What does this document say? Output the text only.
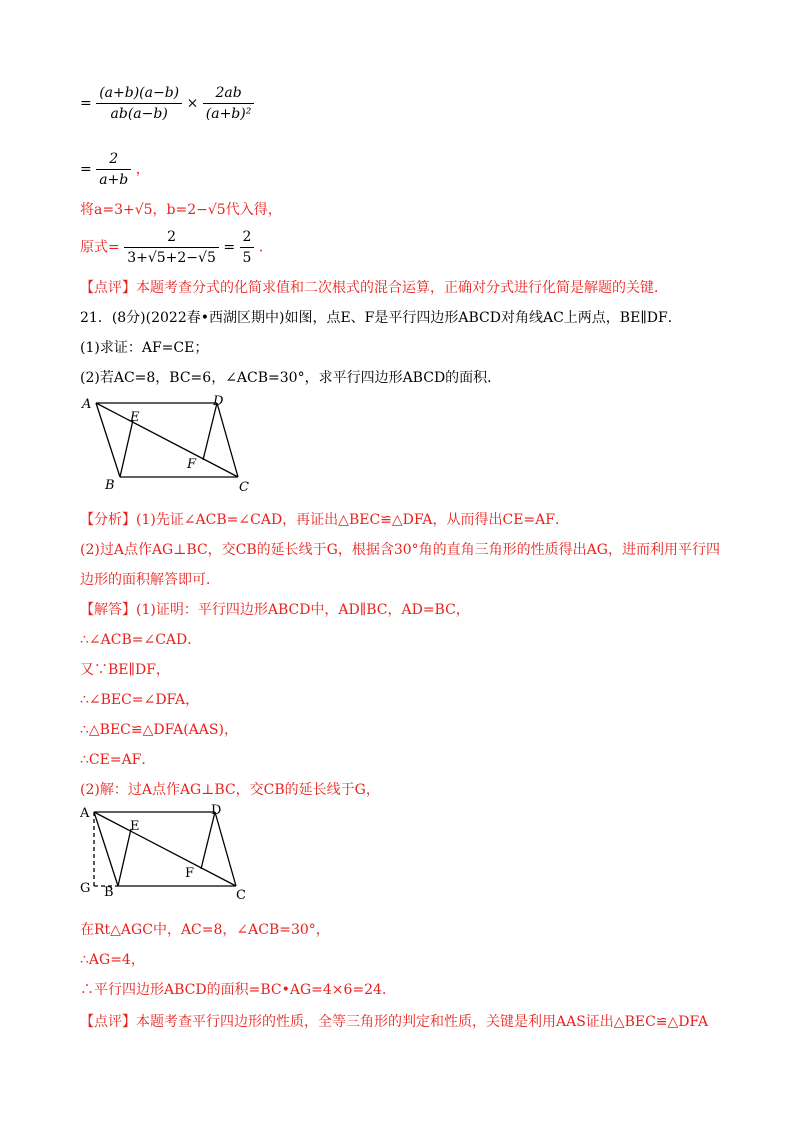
= $\frac{(a+b)(a-b)}{ab(a-b)} \times \frac{2ab}{\text{(a+b)²}}$
= $\frac{2}{a+b}$ ，
将a=3+√5，b=2−√5代入得，
原式= $\frac{2}{3+√5+2-√5} = \frac{2}{5}$ ．
【点评】本题考查分式的化简求值和二次根式的混合运算，正确对分式进行化简是解题的关键．
21．(8分)(2022春•西湖区期中)如图，点E、F是平行四边形ABCD对角线AC上两点，BE∥DF．
(1)求证：AF=CE；
(2)若AC=8，BC=6，∠ACB=30°，求平行四边形ABCD的面积．
A	D
E
F
B	C
【分析】(1)先证∠ACB=∠CAD，再证出△BEC≌△DFA，从而得出CE=AF．
(2)过A点作AG⊥BC，交CB的延长线于G，根据含30°角的直角三角形的性质得出AG，进而利用平行四
边形的面积解答即可．
【解答】(1)证明：平行四边形ABCD中，AD∥BC，AD=BC，
∴∠ACB=∠CAD．
又∵BE∥DF，
∴∠BEC=∠DFA，
∴△BEC≌△DFA(AAS)，
∴CE=AF．
(2)解：过A点作AG⊥BC，交CB的延长线于G，
A	D
E
F
G B	C
在Rt△AGC中，AC=8，∠ACB=30°，
∴AG=4，
∴平行四边形ABCD的面积=BC•AG=4×6=24．
【点评】本题考查平行四边形的性质，全等三角形的判定和性质，关键是利用AAS证出△BEC≌△DFA
